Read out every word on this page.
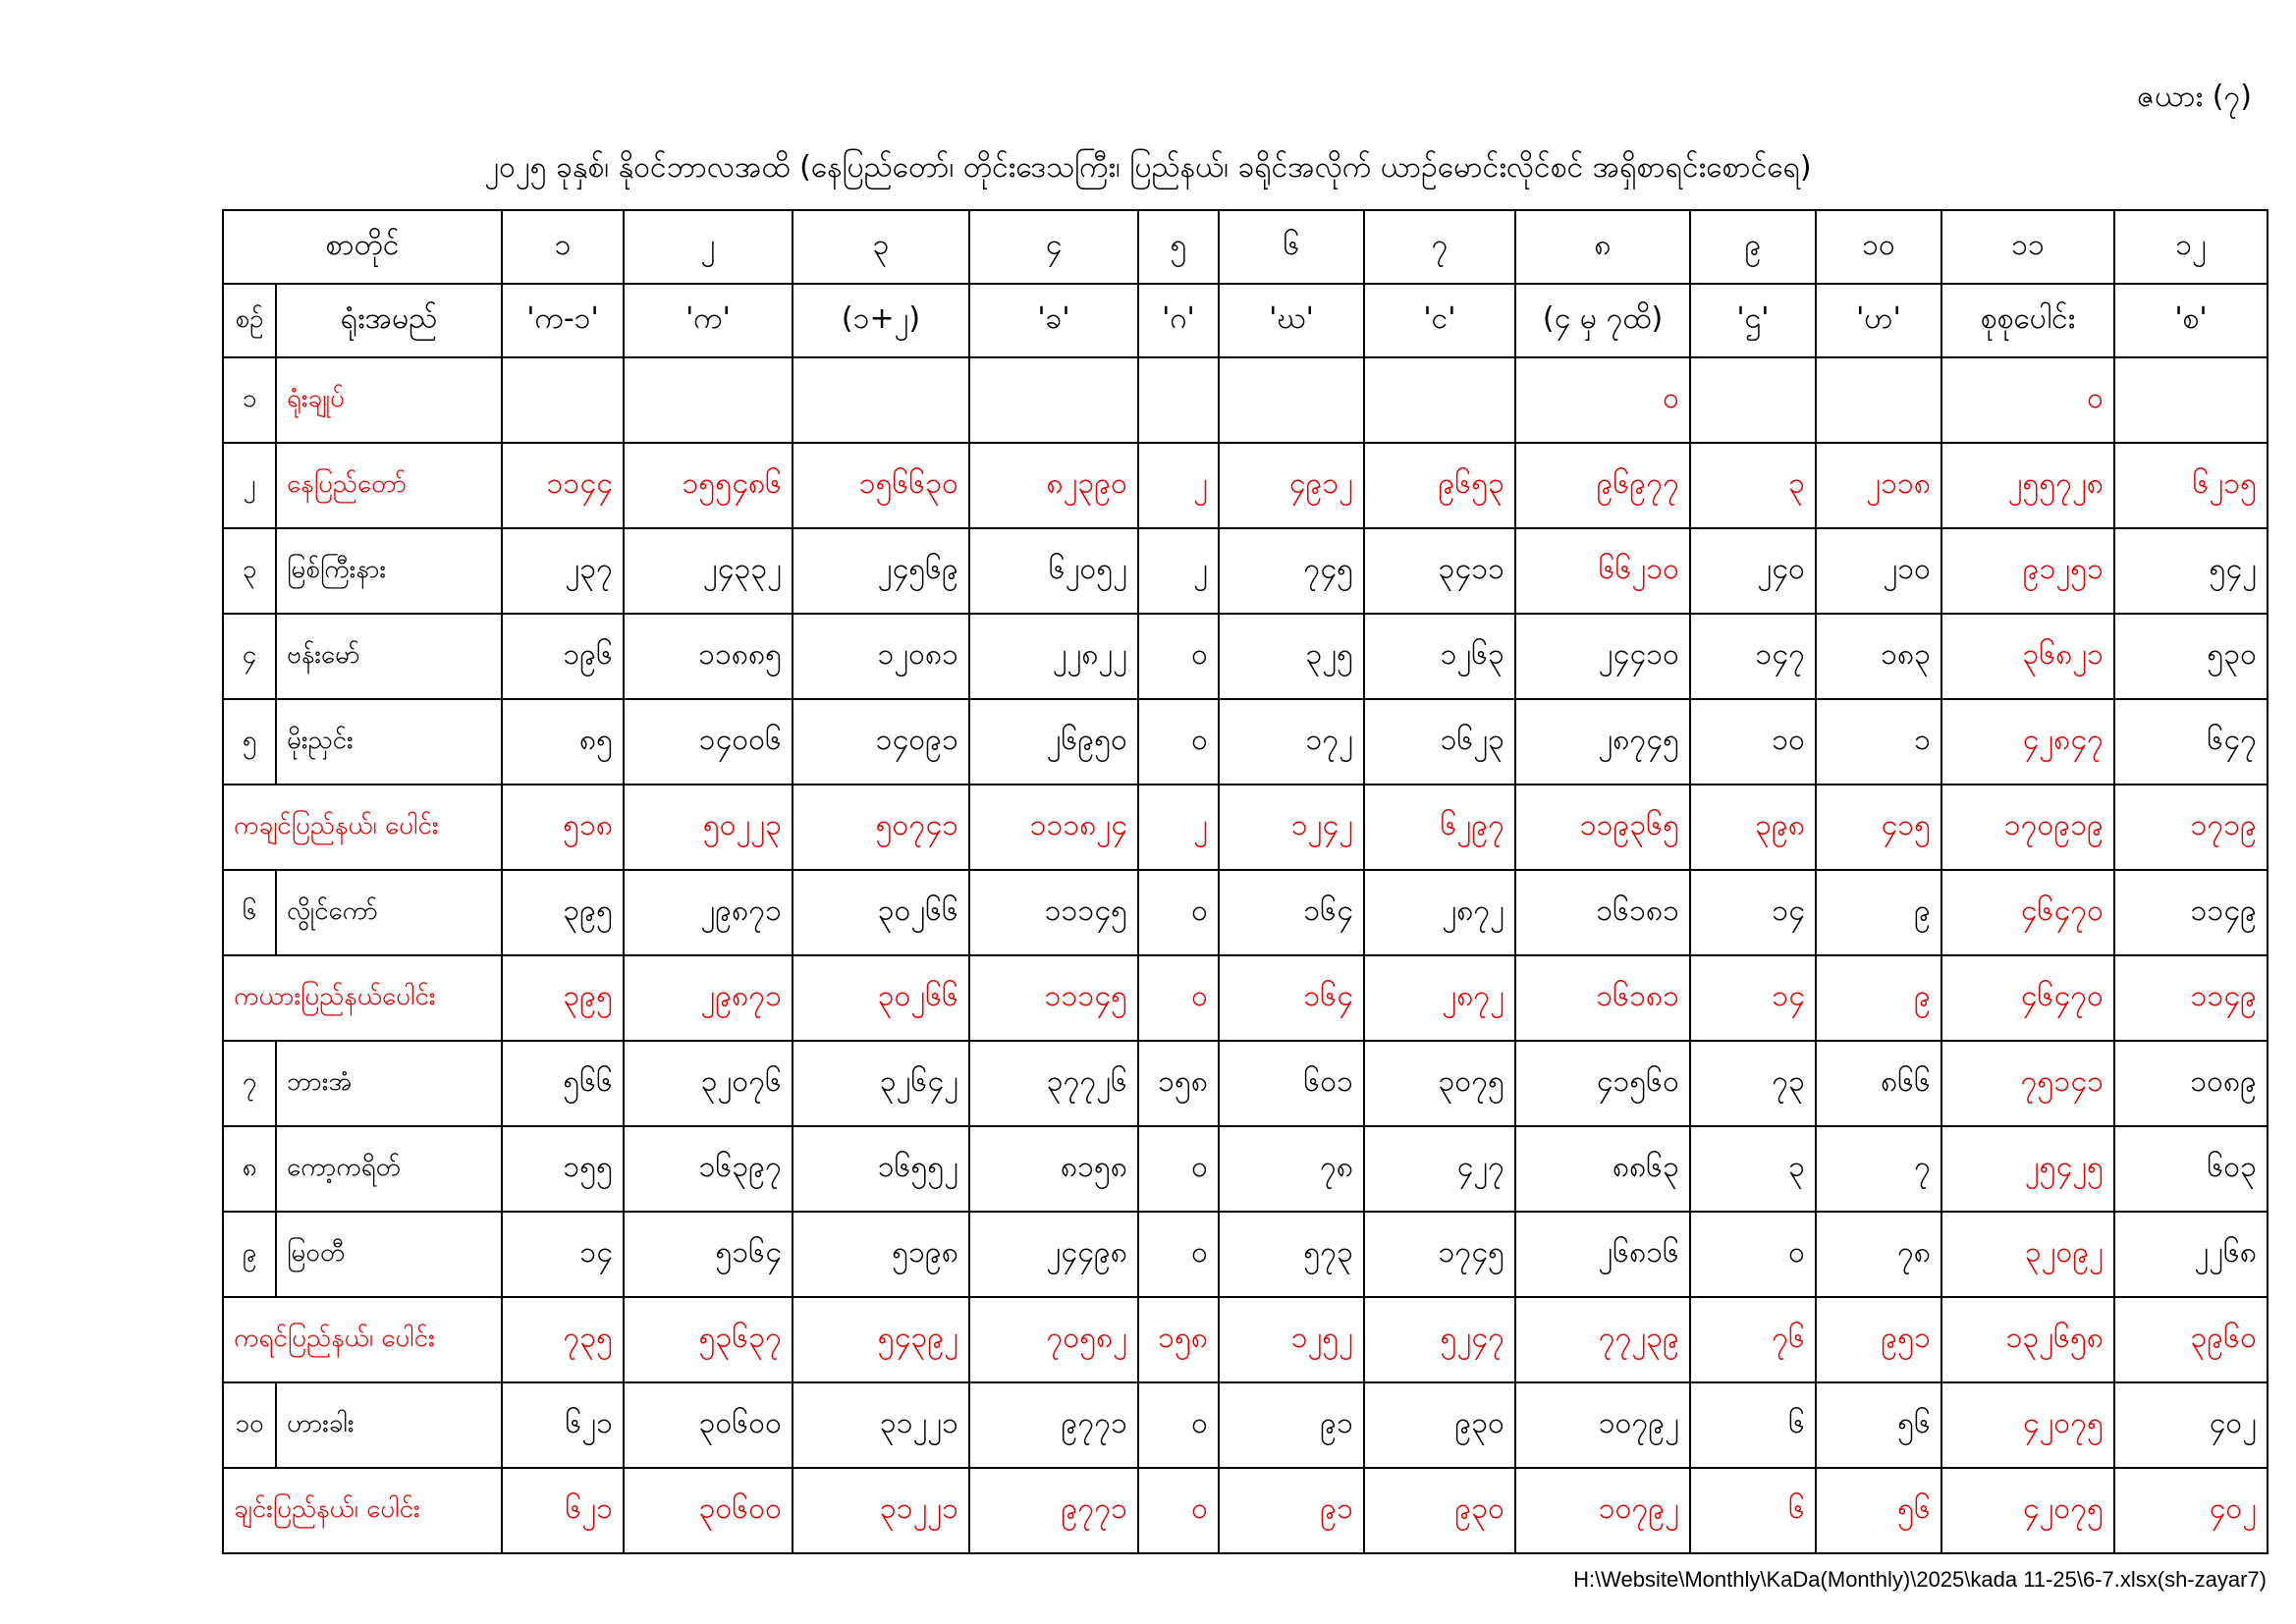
ဇယား (၇)
၂၀၂၅ ခုနှစ်၊ နိုဝင်ဘာလအထိ (နေပြည်တော်၊ တိုင်းဒေသကြီး၊ ပြည်နယ်၊ ခရိုင်အလိုက် ယာဉ်မောင်းလိုင်စင် အရှိစာရင်းစောင်ရေ)
စာတိုင်		၁	၂	၃	၄	၅	၆	၇	၈	၉	၁၀	၁၁	၁၂
စဉ်	ရုံးအမည်	'က-၁'	'က'	(၁+၂)	'ခ'	'ဂ'	'ဃ'	'င'	(၄ မှ ၇ထိ)	'ဌ'	'ဟ'	စုစုပေါင်း	'စ'
၁	ရုံးချုပ်								၀			၀	
၂	နေပြည်တော်	၁၁၄၄	၁၅၅၄၈၆	၁၅၆၆၃၀	၈၂၃၉၀	၂	၄၉၁၂	၉၆၅၃	၉၆၉၇၇	၃	၂၁၁၈	၂၅၅၇၂၈	၆၂၁၅
၃	မြစ်ကြီးနား	၂၃၇	၂၄၃၃၂	၂၄၅၆၉	၆၂၀၅၂	၂	၇၄၅	၃၄၁၁	၆၆၂၁၀	၂၄၀	၂၁၀	၉၁၂၅၁	၅၄၂
၄	ဗန်းမော်	၁၉၆	၁၁၈၈၅	၁၂၀၈၁	၂၂၈၂၂	၀	၃၂၅	၁၂၆၃	၂၄၄၁၀	၁၄၇	၁၈၃	၃၆၈၂၁	၅၃၀
၅	မိုးညှင်း	၈၅	၁၄၀၀၆	၁၄၀၉၁	၂၆၉၅၀	၀	၁၇၂	၁၆၂၃	၂၈၇၄၅	၁၀	၁	၄၂၈၄၇	၆၄၇
ကချင်ပြည်နယ်၊ ပေါင်း		၅၁၈	၅၀၂၂၃	၅၀၇၄၁	၁၁၁၈၂၄	၂	၁၂၄၂	၆၂၉၇	၁၁၉၃၆၅	၃၉၈	၄၁၅	၁၇၀၉၁၉	၁၇၁၉
၆	လွိုင်ကော်	၃၉၅	၂၉၈၇၁	၃၀၂၆၆	၁၁၁၄၅	၀	၁၆၄	၂၈၇၂	၁၆၁၈၁	၁၄	၉	၄၆၄၇၀	၁၁၄၉
ကယားပြည်နယ်ပေါင်း		၃၉၅	၂၉၈၇၁	၃၀၂၆၆	၁၁၁၄၅	၀	၁၆၄	၂၈၇၂	၁၆၁၈၁	၁၄	၉	၄၆၄၇၀	၁၁၄၉
၇	ဘားအံ	၅၆၆	၃၂၀၇၆	၃၂၆၄၂	၃၇၇၂၆	၁၅၈	၆၀၁	၃၀၇၅	၄၁၅၆၀	၇၃	၈၆၆	၇၅၁၄၁	၁၀၈၉
၈	ကော့ကရိတ်	၁၅၅	၁၆၃၉၇	၁၆၅၅၂	၈၁၅၈	၀	၇၈	၄၂၇	၈၈၆၃	၃	၇	၂၅၄၂၅	၆၀၃
၉	မြဝတီ	၁၄	၅၁၆၄	၅၁၉၈	၂၄၄၉၈	၀	၅၇၃	၁၇၄၅	၂၆၈၁၆	၀	၇၈	၃၂၀၉၂	၂၂၆၈
ကရင်ပြည်နယ်၊ ပေါင်း		၇၃၅	၅၃၆၃၇	၅၄၃၉၂	၇၀၅၈၂	၁၅၈	၁၂၅၂	၅၂၄၇	၇၇၂၃၉	၇၆	၉၅၁	၁၃၂၆၅၈	၃၉၆၀
၁၀	ဟားခါး	၆၂၁	၃၀၆၀၀	၃၁၂၂၁	၉၇၇၁	၀	၉၁	၉၃၀	၁၀၇၉၂	၆	၅၆	၄၂၀၇၅	၄၀၂
ချင်းပြည်နယ်၊ ပေါင်း		၆၂၁	၃၀၆၀၀	၃၁၂၂၁	၉၇၇၁	၀	၉၁	၉၃၀	၁၀၇၉၂	၆	၅၆	၄၂၀၇၅	၄၀၂
H:\Website\Monthly\KaDa(Monthly)\2025\kada 11-25\6-7.xlsx(sh-zayar7)
